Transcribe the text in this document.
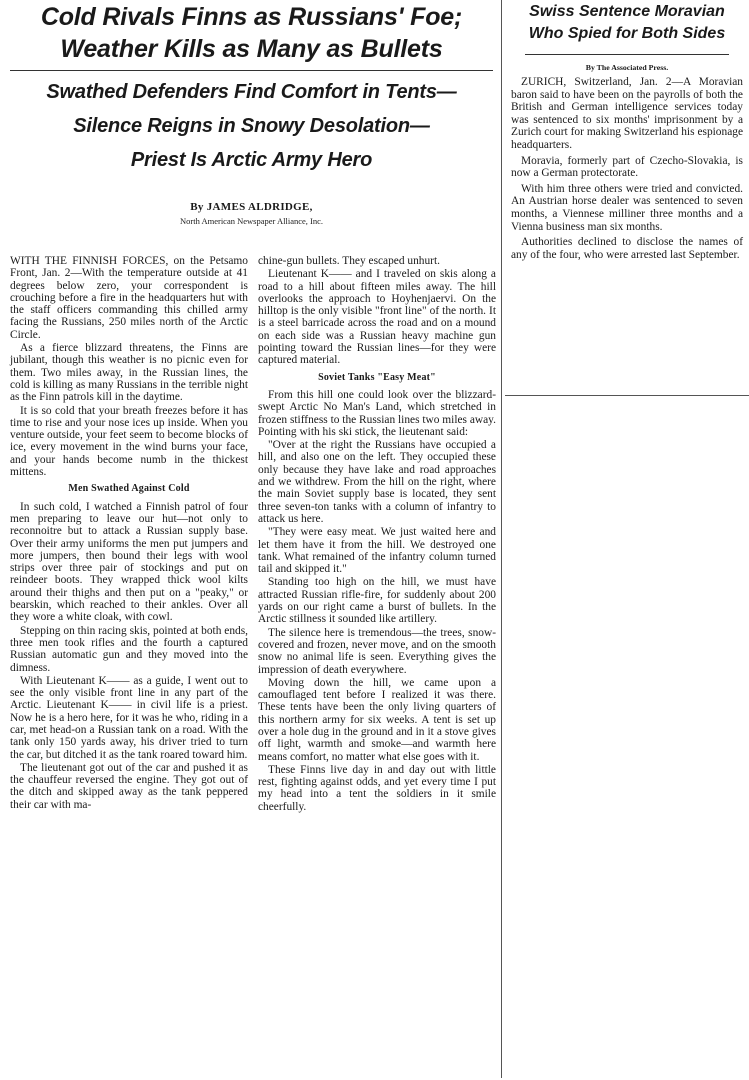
Cold Rivals Finns as Russians' Foe;
Weather Kills as Many as Bullets
Swathed Defenders Find Comfort in Tents—
Silence Reigns in Snowy Desolation—
Priest Is Arctic Army Hero
By JAMES ALDRIDGE,
North American Newspaper Alliance, Inc.

WITH THE FINNISH FORCES, on the Petsamo Front, Jan. 2—With the temperature outside at 41 degrees below zero, your correspondent is crouching before a fire in the headquarters hut with the staff officers commanding this chilled army facing the Russians, 250 miles north of the Arctic Circle.

As a fierce blizzard threatens, the Finns are jubilant, though this weather is no picnic even for them. Two miles away, in the Russian lines, the cold is killing as many Russians in the terrible night as the Finn patrols kill in the daytime.

It is so cold that your breath freezes before it has time to rise and your nose ices up inside. When you venture outside, your feet seem to become blocks of ice, every movement in the wind burns your face, and your hands become numb in the thickest mittens.

Men Swathed Against Cold

In such cold, I watched a Finnish patrol of four men preparing to leave our hut—not only to reconnoitre but to attack a Russian supply base. Over their army uniforms the men put jumpers and more jumpers, then bound their legs with wool strips over three pair of stockings and put on reindeer boots. They wrapped thick wool kilts around their thighs and then put on a "peaky," or bearskin, which reached to their ankles. Over all they wore a white cloak, with cowl.

Stepping on thin racing skis, pointed at both ends, three men took rifles and the fourth a captured Russian automatic gun and they moved into the dimness.

With Lieutenant K—— as a guide, I went out to see the only visible front line in any part of the Arctic. Lieutenant K—— in civil life is a priest. Now he is a hero here, for it was he who, riding in a car, met head-on a Russian tank on a road. With the tank only 150 yards away, his driver tried to turn the car, but ditched it as the tank roared toward him.

The lieutenant got out of the car and pushed it as the chauffeur reversed the engine. They got out of the ditch and skipped away as the tank peppered their car with ma-

chine-gun bullets. They escaped unhurt.

Lieutenant K—— and I traveled on skis along a road to a hill about fifteen miles away. The hill overlooks the approach to Hoyhenjaervi. On the hilltop is the only visible "front line" of the north. It is a steel barricade across the road and on a mound on each side was a Russian heavy machine gun pointing toward the Russian lines—for they were captured material.

Soviet Tanks "Easy Meat"

From this hill one could look over the blizzard-swept Arctic No Man's Land, which stretched in frozen stiffness to the Russian lines two miles away. Pointing with his ski stick, the lieutenant said:

"Over at the right the Russians have occupied a hill, and also one on the left. They occupied these only because they have lake and road approaches and we withdrew. From the hill on the right, where the main Soviet supply base is located, they sent three seven-ton tanks with a column of infantry to attack us here.

"They were easy meat. We just waited here and let them have it from the hill. We destroyed one tank. What remained of the infantry column turned tail and skipped it."

Standing too high on the hill, we must have attracted Russian rifle-fire, for suddenly about 200 yards on our right came a burst of bullets. In the Arctic stillness it sounded like artillery.

The silence here is tremendous—the trees, snow-covered and frozen, never move, and on the smooth snow no animal life is seen. Everything gives the impression of death everywhere.

Moving down the hill, we came upon a camouflaged tent before I realized it was there. These tents have been the only living quarters of this northern army for six weeks. A tent is set up over a hole dug in the ground and in it a stove gives off light, warmth and smoke—and warmth here means comfort, no matter what else goes with it.

These Finns live day in and day out with little rest, fighting against odds, and yet every time I put my head into a tent the soldiers in it smile cheerfully.

Swiss Sentence Moravian
Who Spied for Both Sides
By The Associated Press.

ZURICH, Switzerland, Jan. 2—A Moravian baron said to have been on the payrolls of both the British and German intelligence services today was sentenced to six months' imprisonment by a Zurich court for making Switzerland his espionage headquarters.

Moravia, formerly part of Czecho-Slovakia, is now a German protectorate.

With him three others were tried and convicted. An Austrian horse dealer was sentenced to seven months, a Viennese milliner three months and a Vienna business man six months.

Authorities declined to disclose the names of any of the four, who were arrested last September.
